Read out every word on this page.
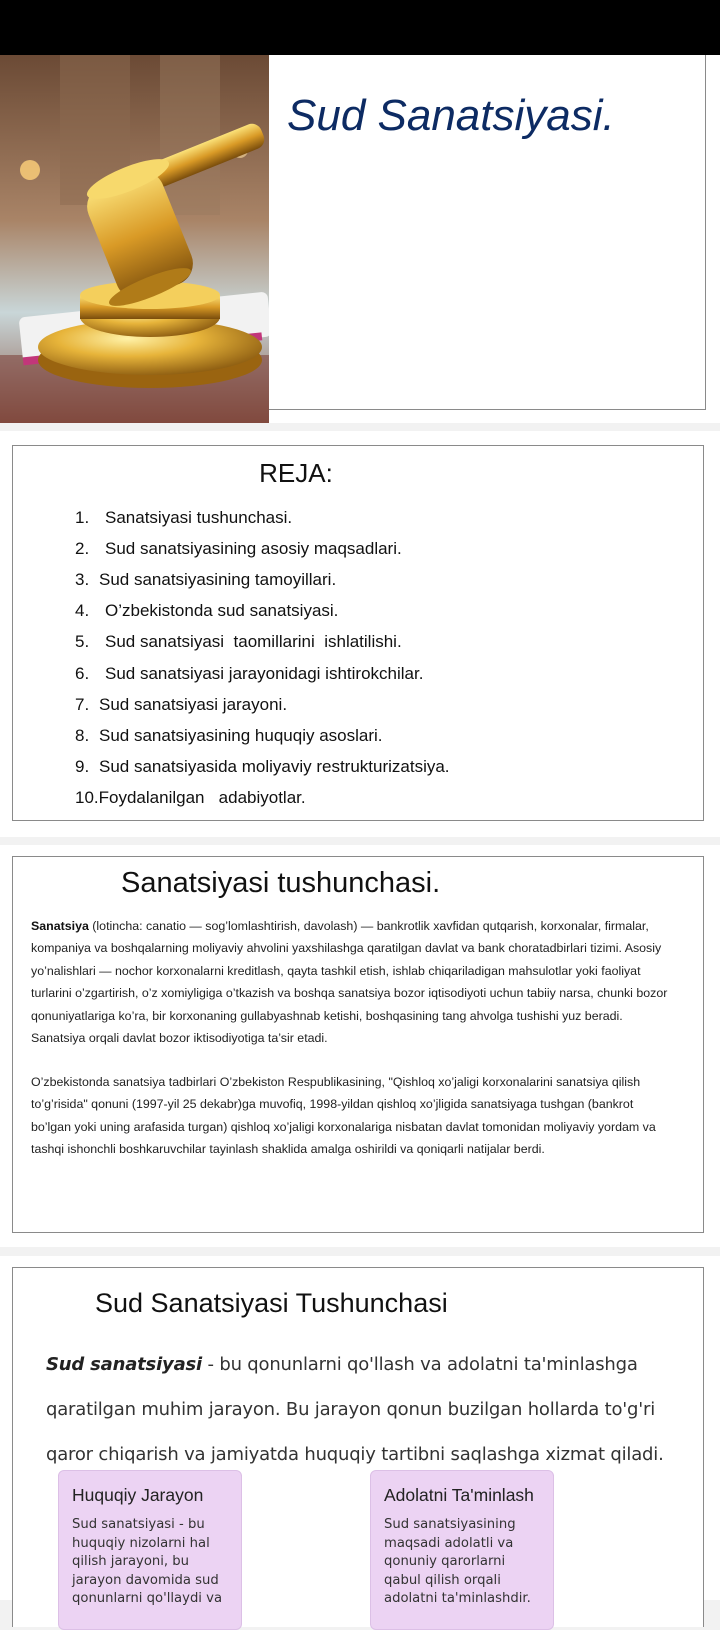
Sud Sanatsiyasi.
REJA:
1. Sanatsiyasi tushunchasi.
2. Sud sanatsiyasining asosiy maqsadlari.
3. Sud sanatsiyasining tamoyillari.
4. O’zbekistonda sud sanatsiyasi.
5. Sud sanatsiyasi  taomillarini  ishlatilishi.
6. Sud sanatsiyasi jarayonidagi ishtirokchilar.
7. Sud sanatsiyasi jarayoni.
8. Sud sanatsiyasining huquqiy asoslari.
9. Sud sanatsiyasida moliyaviy restrukturizatsiya.
10. Foydalanilgan   adabiyotlar.
Sanatsiyasi tushunchasi.

Sanatsiya (lotincha: canatio — sog’lomlashtirish, davolash) — bankrotlik xavfidan qutqarish, korxonalar, firmalar, kompaniya va boshqalarning moliyaviy ahvolini yaxshilashga qaratilgan davlat va bank choratadbirlari tizimi. Asosiy yo’nalishlari — nochor korxonalarni kreditlash, qayta tashkil etish, ishlab chiqariladigan mahsulotlar yoki faoliyat turlarini o’zgartirish, o’z xomiyligiga o’tkazish va boshqa sanatsiya bozor iqtisodiyoti uchun tabiiy narsa, chunki bozor qonuniyatlariga ko’ra, bir korxonaning gullabyashnab ketishi, boshqasining tang ahvolga tushishi yuz beradi. Sanatsiya orqali davlat bozor iktisodiyotiga ta’sir etadi.

O’zbekistonda sanatsiya tadbirlari O’zbekiston Respublikasining, "Qishloq xo’jaligi korxonalarini sanatsiya qilish to’g’risida" qonuni (1997-yil 25 dekabr)ga muvofiq, 1998-yildan qishloq xo’jligida sanatsiyaga tushgan (bankrot bo’lgan yoki uning arafasida turgan) qishloq xo’jaligi korxonalariga nisbatan davlat tomonidan moliyaviy yordam va tashqi ishonchli boshkaruvchilar tayinlash shaklida amalga oshirildi va qoniqarli natijalar berdi.

Sud Sanatsiyasi Tushunchasi

Sud sanatsiyasi - bu qonunlarni qo'llash va adolatni ta'minlashga qaratilgan muhim jarayon. Bu jarayon qonun buzilgan hollarda to'g'ri qaror chiqarish va jamiyatda huquqiy tartibni saqlashga xizmat qiladi.

Huquqiy Jarayon

Sud sanatsiyasi - bu huquqiy nizolarni hal qilish jarayoni, bu jarayon davomida sud qonunlarni qo'llaydi va

Adolatni Ta'minlash

Sud sanatsiyasining maqsadi adolatli va qonuniy qarorlarni qabul qilish orqali adolatni ta'minlashdir.
